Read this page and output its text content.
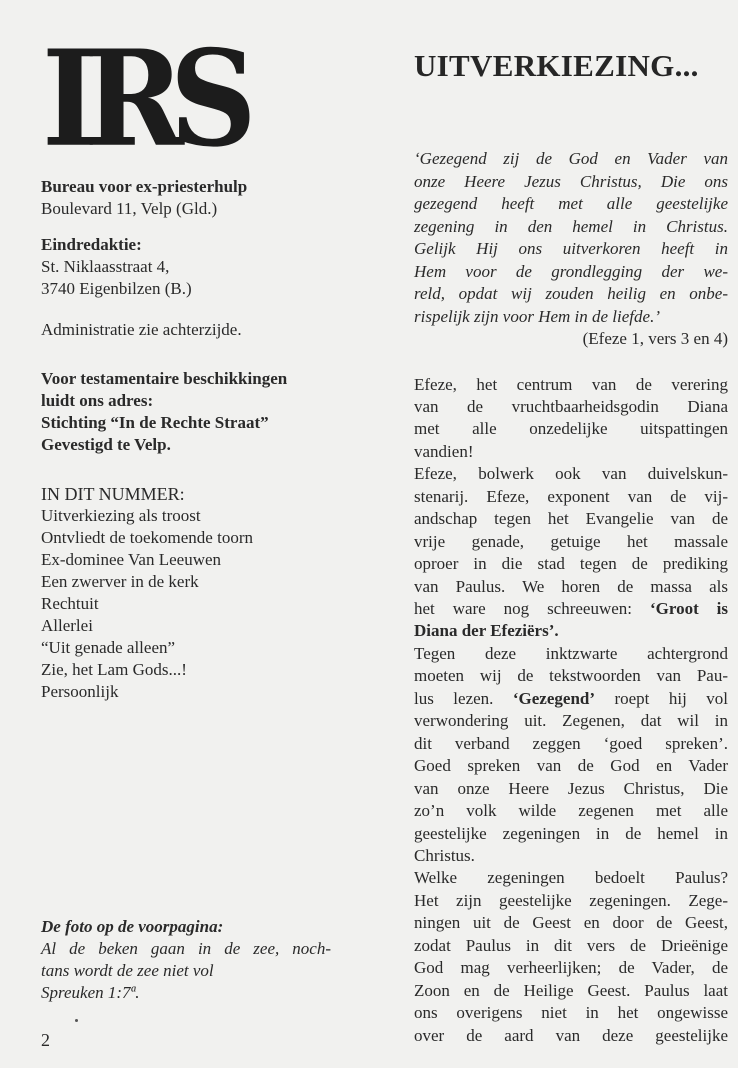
IRS	UITVERKIEZING...
Bureau voor ex-priesterhulp
Boulevard 11, Velp (Gld.)
Eindredaktie:
St. Niklaasstraat 4,
3740 Eigenbilzen (B.)
Administratie zie achterzijde.
Voor testamentaire beschikkingen
luidt ons adres:
Stichting “In de Rechte Straat”
Gevestigd te Velp.
IN DIT NUMMER:
Uitverkiezing als troost
Ontvliedt de toekomende toorn
Ex-dominee Van Leeuwen
Een zwerver in de kerk
Rechtuit
Allerlei
“Uit genade alleen”
Zie, het Lam Gods...!
Persoonlijk
De foto op de voorpagina:
Al de beken gaan in de zee, noch-
tans wordt de zee niet vol
Spreuken 1:7ª.
2
‘Gezegend zij de God en Vader van
onze Heere Jezus Christus, Die ons
gezegend heeft met alle geestelijke
zegening in den hemel in Christus.
Gelijk Hij ons uitverkoren heeft in
Hem voor de grondlegging der we-
reld, opdat wij zouden heilig en onbe-
rispelijk zijn voor Hem in de liefde.’
(Efeze 1, vers 3 en 4)
Efeze, het centrum van de verering
van de vruchtbaarheidsgodin Diana
met alle onzedelijke uitspattingen
vandien!
Efeze, bolwerk ook van duivelskun-
stenarij. Efeze, exponent van de vij-
andschap tegen het Evangelie van de
vrije genade, getuige het massale
oproer in die stad tegen de prediking
van Paulus. We horen de massa als
het ware nog schreeuwen: ‘Groot is
Diana der Efeziërs’.
Tegen deze inktzwarte achtergrond
moeten wij de tekstwoorden van Pau-
lus lezen. ‘Gezegend’ roept hij vol
verwondering uit. Zegenen, dat wil in
dit verband zeggen ‘goed spreken’.
Goed spreken van de God en Vader
van onze Heere Jezus Christus, Die
zo’n volk wilde zegenen met alle
geestelijke zegeningen in de hemel in
Christus.
Welke zegeningen bedoelt Paulus?
Het zijn geestelijke zegeningen. Zege-
ningen uit de Geest en door de Geest,
zodat Paulus in dit vers de Drieënige
God mag verheerlijken; de Vader, de
Zoon en de Heilige Geest. Paulus laat
ons overigens niet in het ongewisse
over de aard van deze geestelijke
